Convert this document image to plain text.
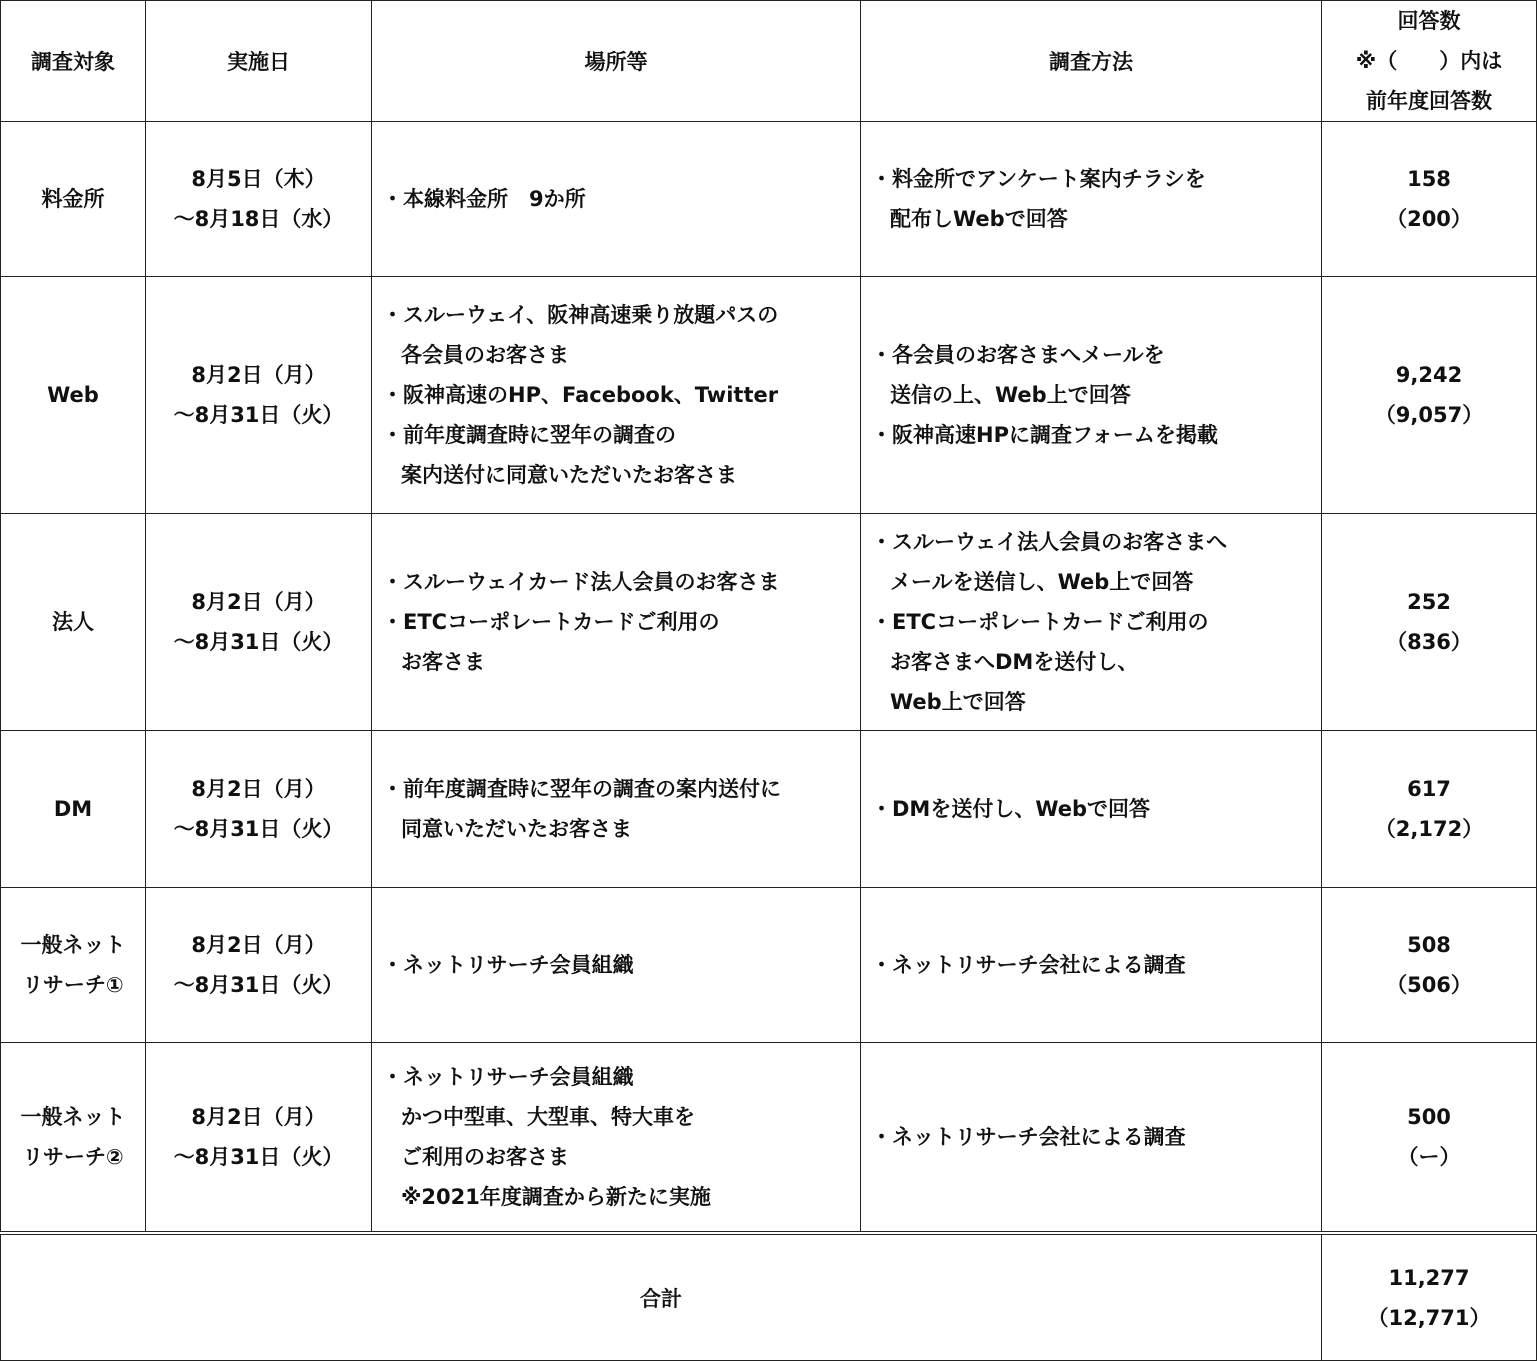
調査対象	実施日	場所等	調査方法	回答数
※（　　）内は
前年度回答数

料金所	8月5日（木）
～8月18日（水）	・本線料金所　9か所	・料金所でアンケート案内チラシを
配布しWebで回答	158
（200）

Web	8月2日（月）
～8月31日（火）	・スルーウェイ、阪神高速乗り放題パスの
各会員のお客さま
・阪神高速のHP、Facebook、Twitter
・前年度調査時に翌年の調査の
案内送付に同意いただいたお客さま	・各会員のお客さまへメールを
送信の上、Web上で回答
・阪神高速HPに調査フォームを掲載	9,242
（9,057）

法人	8月2日（月）
～8月31日（火）	・スルーウェイカード法人会員のお客さま
・ETCコーポレートカードご利用の
お客さま	・スルーウェイ法人会員のお客さまへ
メールを送信し、Web上で回答
・ETCコーポレートカードご利用の
お客さまへDMを送付し、
Web上で回答	252
（836）

DM	8月2日（月）
～8月31日（火）	・前年度調査時に翌年の調査の案内送付に
同意いただいたお客さま	・DMを送付し、Webで回答	617
（2,172）

一般ネット
リサーチ①	8月2日（月）
～8月31日（火）	・ネットリサーチ会員組織	・ネットリサーチ会社による調査	508
（506）

一般ネット
リサーチ②	8月2日（月）
～8月31日（火）	・ネットリサーチ会員組織
かつ中型車、大型車、特大車を
ご利用のお客さま
※2021年度調査から新たに実施	・ネットリサーチ会社による調査	500
（ー）

合計				11,277
（12,771）
